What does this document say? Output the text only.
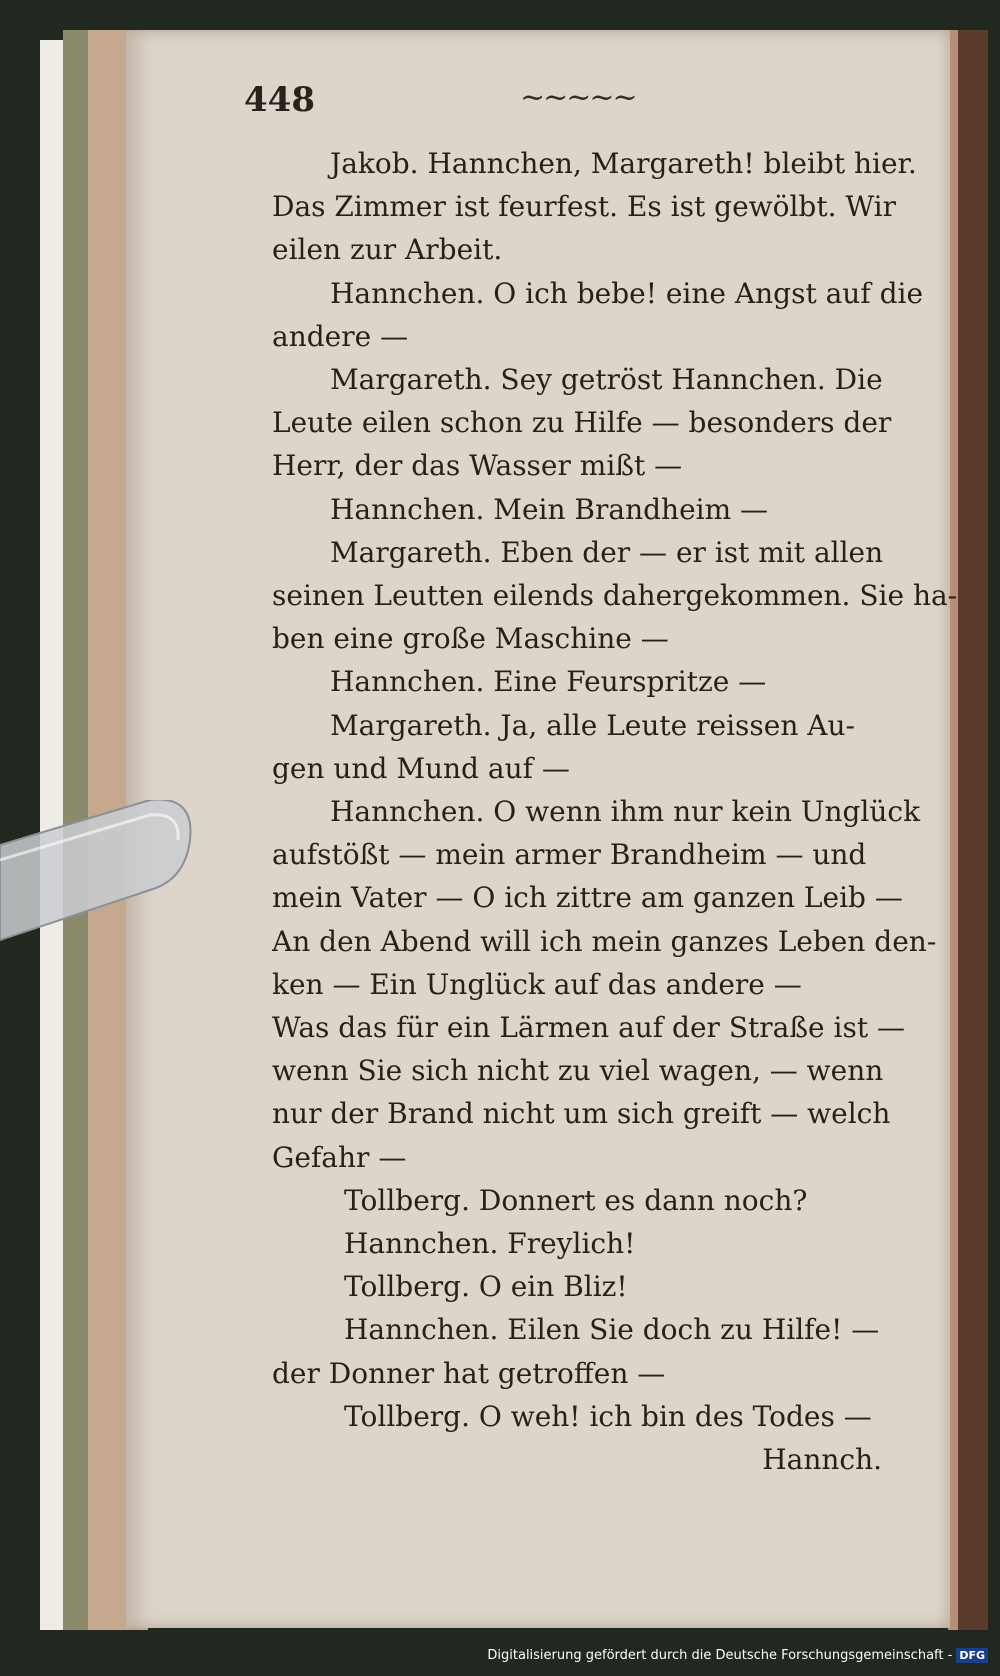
448	~~~~~
Jakob. Hannchen, Margareth! bleibt hier.
Das Zimmer ist feurfest. Es ist gewölbt. Wir
eilen zur Arbeit.
Hannchen. O ich bebe! eine Angst auf die
andere —
Margareth. Sey getröst Hannchen. Die
Leute eilen schon zu Hilfe — besonders der
Herr, der das Wasser mißt —
Hannchen. Mein Brandheim —
Margareth. Eben der — er ist mit allen
seinen Leutten eilends dahergekommen. Sie ha-
ben eine große Maschine —
Hannchen. Eine Feurspritze —
Margareth. Ja, alle Leute reissen Au-
gen und Mund auf —
Hannchen. O wenn ihm nur kein Unglück
aufstößt — mein armer Brandheim — und
mein Vater — O ich zittre am ganzen Leib —
An den Abend will ich mein ganzes Leben den-
ken — Ein Unglück auf das andere —
Was das für ein Lärmen auf der Straße ist —
wenn Sie sich nicht zu viel wagen, — wenn
nur der Brand nicht um sich greift — welch
Gefahr —
Tollberg. Donnert es dann noch?
Hannchen. Freylich!
Tollberg. O ein Bliz!
Hannchen. Eilen Sie doch zu Hilfe! —
der Donner hat getroffen —
Tollberg. O weh! ich bin des Todes —
Hannch.
Digitalisierung gefördert durch die Deutsche Forschungsgemeinschaft - DFG
